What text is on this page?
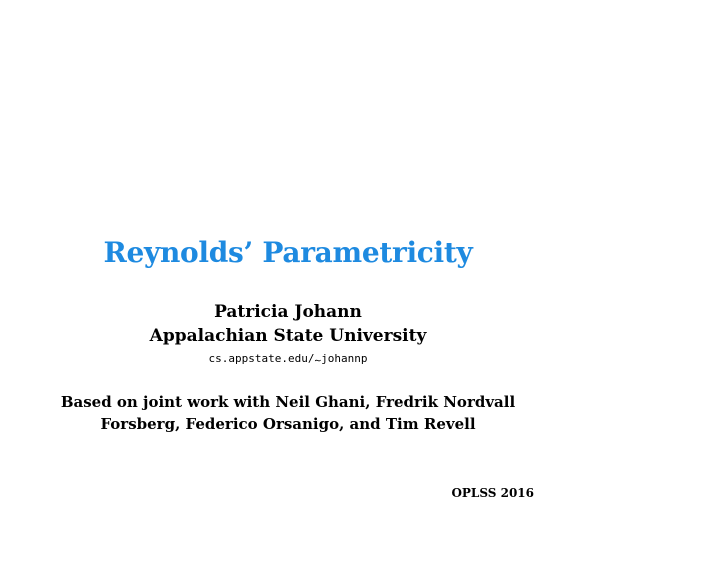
Reynolds’ Parametricity
Patricia Johann
Appalachian State University
cs.appstate.edu/∼johannp
Based on joint work with Neil Ghani, Fredrik Nordvall
Forsberg, Federico Orsanigo, and Tim Revell
OPLSS 2016
